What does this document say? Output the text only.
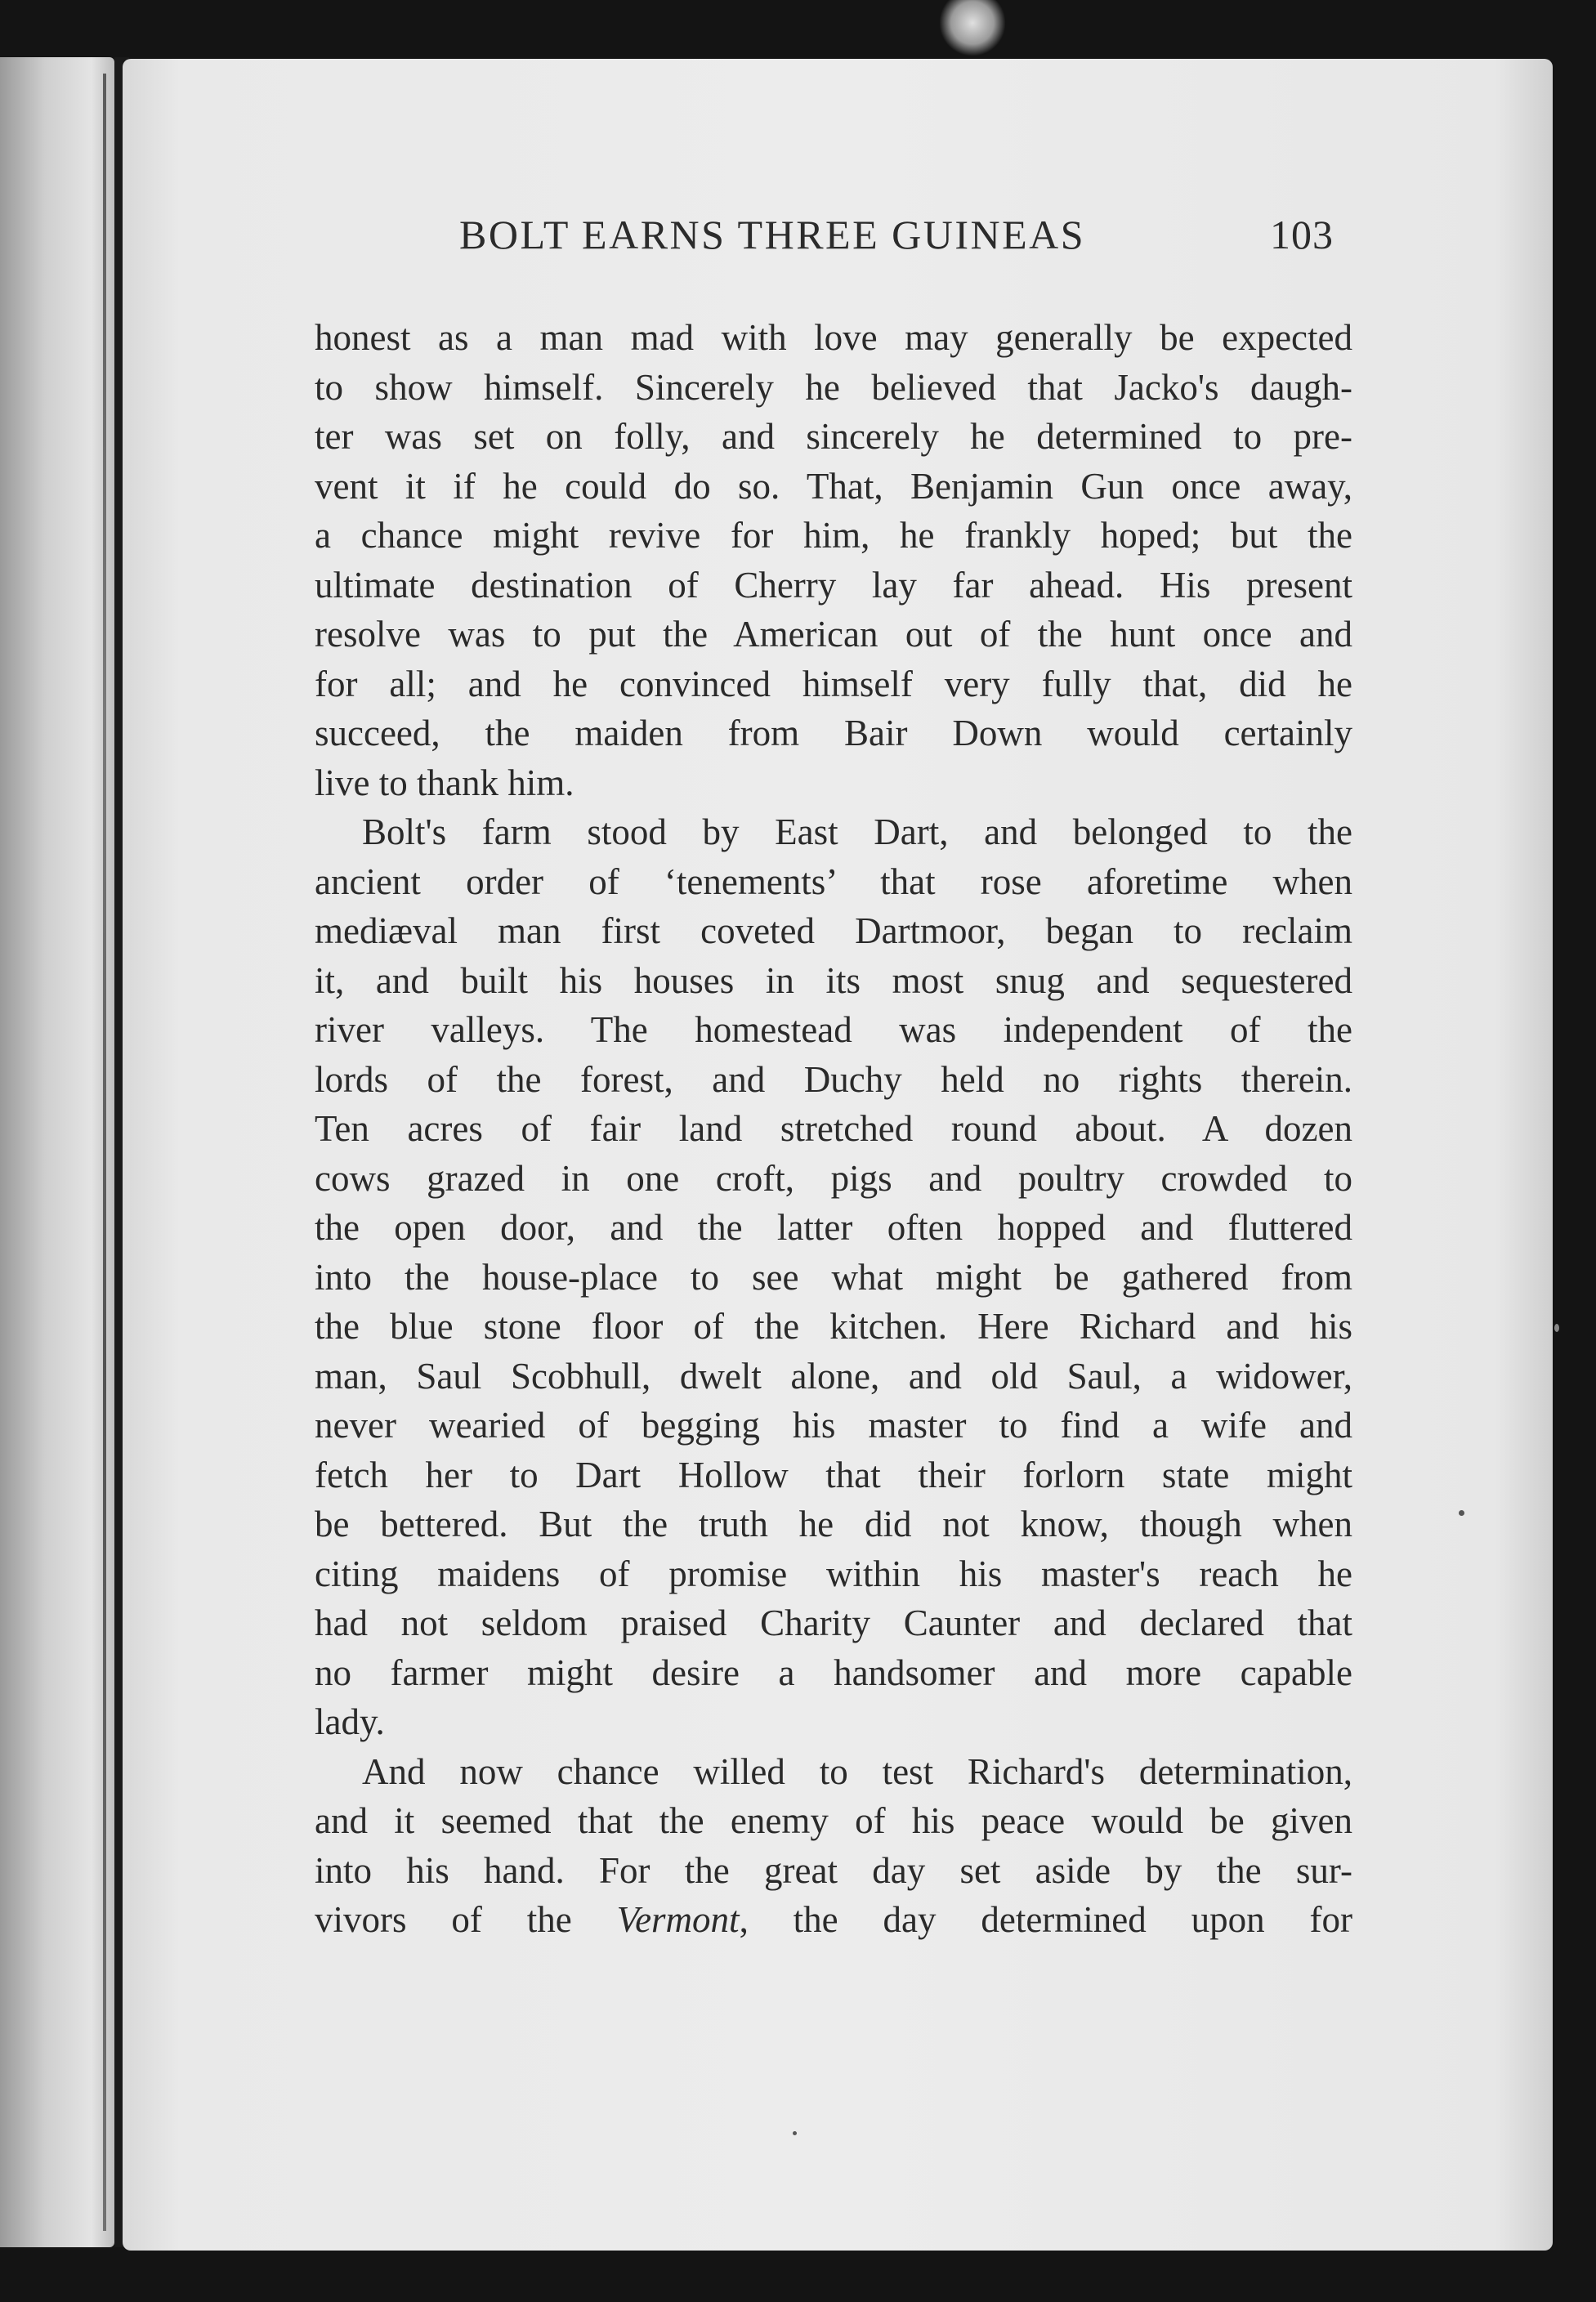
BOLT EARNS THREE GUINEAS	103
honest as a man mad with love may generally be expected
to show himself. Sincerely he believed that Jacko's daugh-
ter was set on folly, and sincerely he determined to pre-
vent it if he could do so. That, Benjamin Gun once away,
a chance might revive for him, he frankly hoped; but the
ultimate destination of Cherry lay far ahead. His present
resolve was to put the American out of the hunt once and
for all; and he convinced himself very fully that, did he
succeed, the maiden from Bair Down would certainly
live to thank him.
Bolt's farm stood by East Dart, and belonged to the
ancient order of ‘tenements’ that rose aforetime when
mediæval man first coveted Dartmoor, began to reclaim
it, and built his houses in its most snug and sequestered
river valleys. The homestead was independent of the
lords of the forest, and Duchy held no rights therein.
Ten acres of fair land stretched round about. A dozen
cows grazed in one croft, pigs and poultry crowded to
the open door, and the latter often hopped and fluttered
into the house-place to see what might be gathered from
the blue stone floor of the kitchen. Here Richard and his
man, Saul Scobhull, dwelt alone, and old Saul, a widower,
never wearied of begging his master to find a wife and
fetch her to Dart Hollow that their forlorn state might
be bettered. But the truth he did not know, though when
citing maidens of promise within his master's reach he
had not seldom praised Charity Caunter and declared that
no farmer might desire a handsomer and more capable
lady.
And now chance willed to test Richard's determination,
and it seemed that the enemy of his peace would be given
into his hand. For the great day set aside by the sur-
vivors of the Vermont, the day determined upon for
